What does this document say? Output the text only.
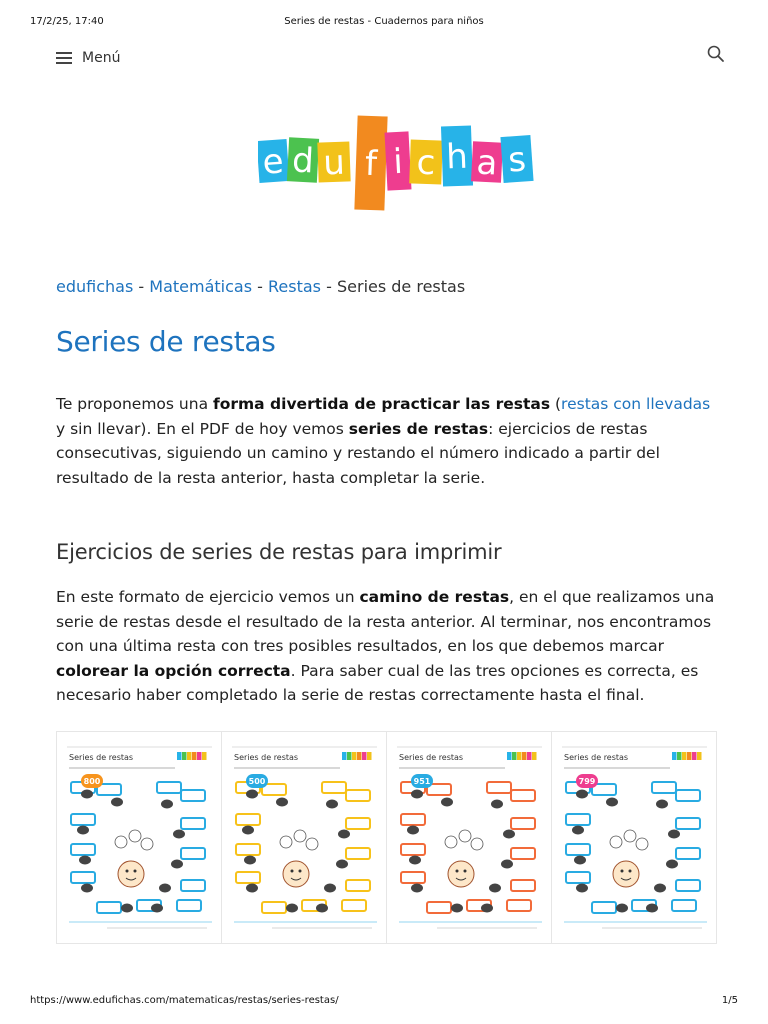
17/2/25, 17:40	Series de restas - Cuadernos para niños
Menú
e d u f i c h a s
edufichas - Matemáticas - Restas - Series de restas
Series de restas

Te proponemos una forma divertida de practicar las restas (restas con llevadas y sin llevar). En el PDF de hoy vemos series de restas: ejercicios de restas consecutivas, siguiendo un camino y restando el número indicado a partir del resultado de la resta anterior, hasta completar la serie.

Ejercicios de series de restas para imprimir

En este formato de ejercicio vemos un camino de restas, en el que realizamos una serie de restas desde el resultado de la resta anterior. Al terminar, nos encontramos con una última resta con tres posibles resultados, en los que debemos marcar colorear la opción correcta. Para saber cual de las tres opciones es correcta, es necesario haber completado la serie de restas correctamente hasta el final.

Series de restas
800
Series de restas
500
Series de restas
951
Series de restas
799
https://www.edufichas.com/matematicas/restas/series-restas/	1/5
